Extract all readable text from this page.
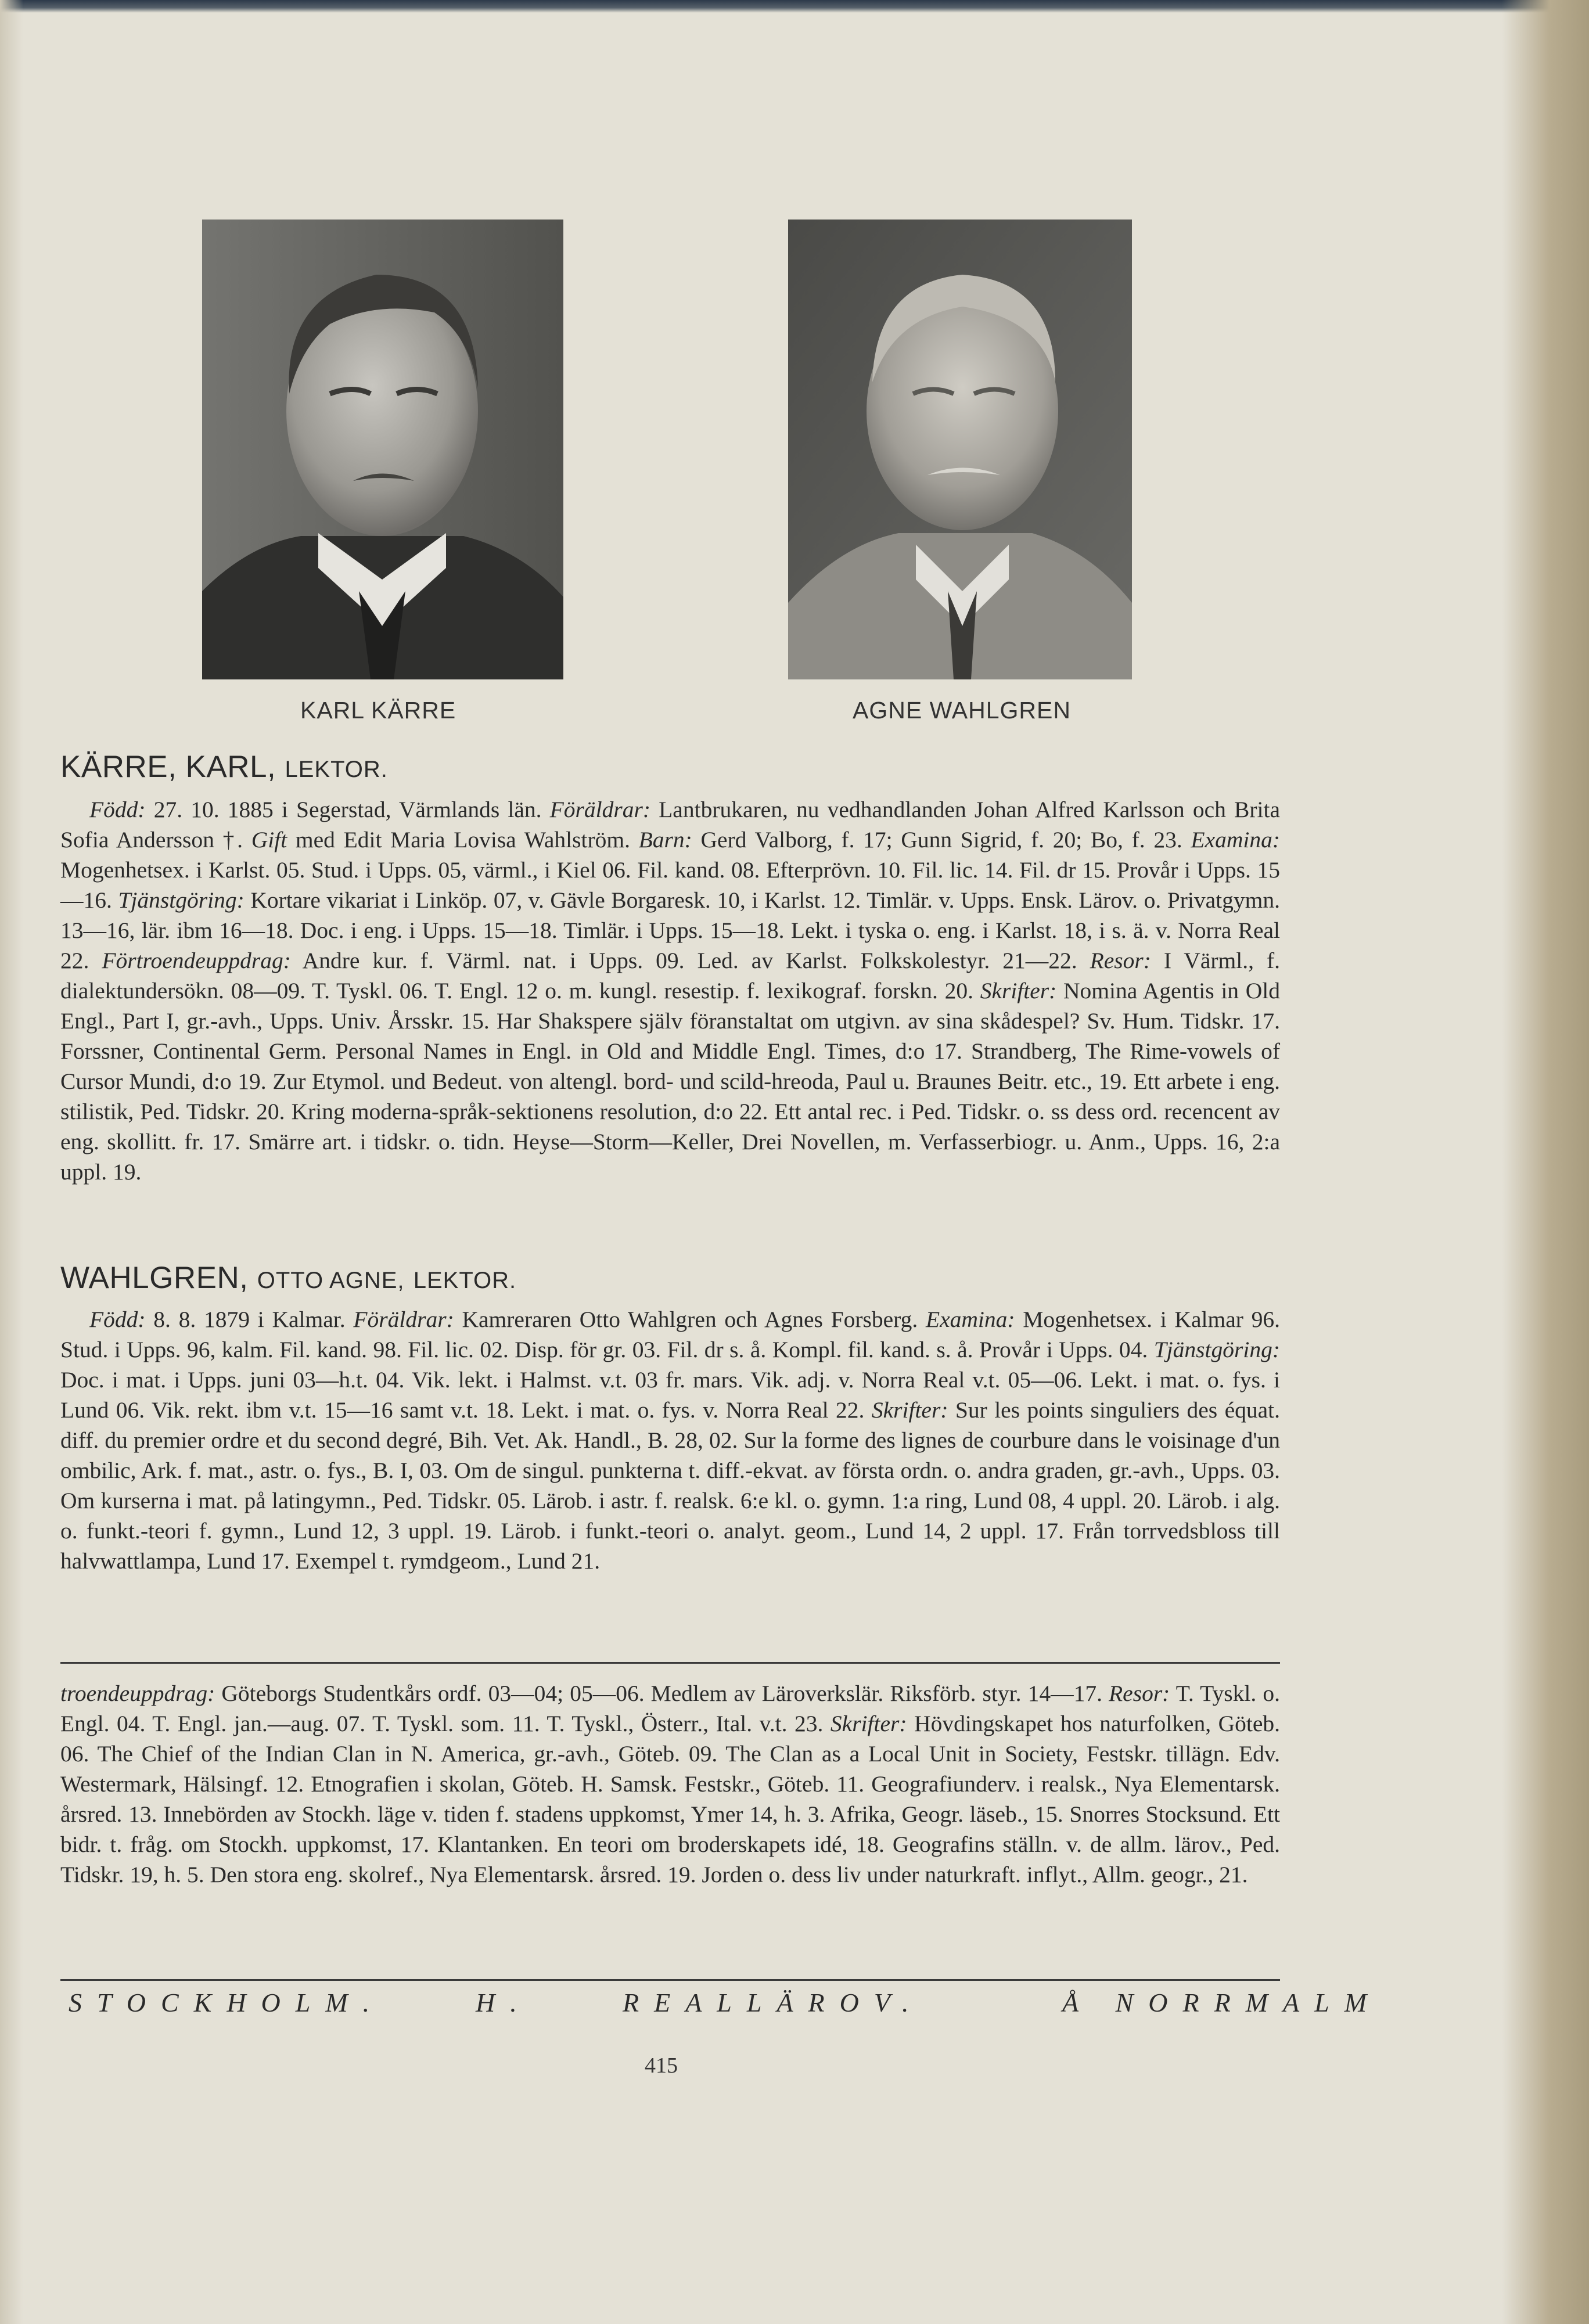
KARL KÄRRE	AGNE WAHLGREN
KÄRRE, KARL, LEKTOR.

Född: 27. 10. 1885 i Segerstad, Värmlands län. Föräldrar: Lantbrukaren, nu vedhandlanden Johan Alfred Karlsson och Brita Sofia Andersson †. Gift med Edit Maria Lovisa Wahlström. Barn: Gerd Valborg, f. 17; Gunn Sigrid, f. 20; Bo, f. 23. Examina: Mogenhetsex. i Karlst. 05. Stud. i Upps. 05, värml., i Kiel 06. Fil. kand. 08. Efterprövn. 10. Fil. lic. 14. Fil. dr 15. Provår i Upps. 15—16. Tjänstgöring: Kortare vikariat i Linköp. 07, v. Gävle Borgaresk. 10, i Karlst. 12. Timlär. v. Upps. Ensk. Lärov. o. Privatgymn. 13—16, lär. ibm 16—18. Doc. i eng. i Upps. 15—18. Timlär. i Upps. 15—18. Lekt. i tyska o. eng. i Karlst. 18, i s. ä. v. Norra Real 22. Förtroendeuppdrag: Andre kur. f. Värml. nat. i Upps. 09. Led. av Karlst. Folkskolestyr. 21—22. Resor: I Värml., f. dialektundersökn. 08—09. T. Tyskl. 06. T. Engl. 12 o. m. kungl. resestip. f. lexikograf. forskn. 20. Skrifter: Nomina Agentis in Old Engl., Part I, gr.-avh., Upps. Univ. Årsskr. 15. Har Shakspere själv föranstaltat om utgivn. av sina skådespel? Sv. Hum. Tidskr. 17. Forssner, Continental Germ. Personal Names in Engl. in Old and Middle Engl. Times, d:o 17. Strandberg, The Rime-vowels of Cursor Mundi, d:o 19. Zur Etymol. und Bedeut. von altengl. bord- und scild-hreoda, Paul u. Braunes Beitr. etc., 19. Ett arbete i eng. stilistik, Ped. Tidskr. 20. Kring moderna-språk-sektionens resolution, d:o 22. Ett antal rec. i Ped. Tidskr. o. ss dess ord. recencent av eng. skollitt. fr. 17. Smärre art. i tidskr. o. tidn. Heyse—Storm—Keller, Drei Novellen, m. Verfasserbiogr. u. Anm., Upps. 16, 2:a uppl. 19.

WAHLGREN, OTTO AGNE, LEKTOR.

Född: 8. 8. 1879 i Kalmar. Föräldrar: Kamreraren Otto Wahlgren och Agnes Forsberg. Examina: Mogenhetsex. i Kalmar 96. Stud. i Upps. 96, kalm. Fil. kand. 98. Fil. lic. 02. Disp. för gr. 03. Fil. dr s. å. Kompl. fil. kand. s. å. Provår i Upps. 04. Tjänstgöring: Doc. i mat. i Upps. juni 03—h.t. 04. Vik. lekt. i Halmst. v.t. 03 fr. mars. Vik. adj. v. Norra Real v.t. 05—06. Lekt. i mat. o. fys. i Lund 06. Vik. rekt. ibm v.t. 15—16 samt v.t. 18. Lekt. i mat. o. fys. v. Norra Real 22. Skrifter: Sur les points singuliers des équat. diff. du premier ordre et du second degré, Bih. Vet. Ak. Handl., B. 28, 02. Sur la forme des lignes de courbure dans le voisinage d'un ombilic, Ark. f. mat., astr. o. fys., B. I, 03. Om de singul. punkterna t. diff.-ekvat. av första ordn. o. andra graden, gr.-avh., Upps. 03. Om kurserna i mat. på latingymn., Ped. Tidskr. 05. Lärob. i astr. f. realsk. 6:e kl. o. gymn. 1:a ring, Lund 08, 4 uppl. 20. Lärob. i alg. o. funkt.-teori f. gymn., Lund 12, 3 uppl. 19. Lärob. i funkt.-teori o. analyt. geom., Lund 14, 2 uppl. 17. Från torrvedsbloss till halvwattlampa, Lund 17. Exempel t. rymdgeom., Lund 21.

troendeuppdrag: Göteborgs Studentkårs ordf. 03—04; 05—06. Medlem av Läroverkslär. Riksförb. styr. 14—17. Resor: T. Tyskl. o. Engl. 04. T. Engl. jan.—aug. 07. T. Tyskl. som. 11. T. Tyskl., Österr., Ital. v.t. 23. Skrifter: Hövdingskapet hos naturfolken, Göteb. 06. The Chief of the Indian Clan in N. America, gr.-avh., Göteb. 09. The Clan as a Local Unit in Society, Festskr. tillägn. Edv. Westermark, Hälsingf. 12. Etnografien i skolan, Göteb. H. Samsk. Festskr., Göteb. 11. Geografiunderv. i realsk., Nya Elementarsk. årsred. 13. Innebörden av Stockh. läge v. tiden f. stadens uppkomst, Ymer 14, h. 3. Afrika, Geogr. läseb., 15. Snorres Stocksund. Ett bidr. t. fråg. om Stockh. uppkomst, 17. Klantanken. En teori om broderskapets idé, 18. Geografins ställn. v. de allm. lärov., Ped. Tidskr. 19, h. 5. Den stora eng. skolref., Nya Elementarsk. årsred. 19. Jorden o. dess liv under naturkraft. inflyt., Allm. geogr., 21.

STOCKHOLM.	H.	REALLÄROV.	Å NORRMALM
415
